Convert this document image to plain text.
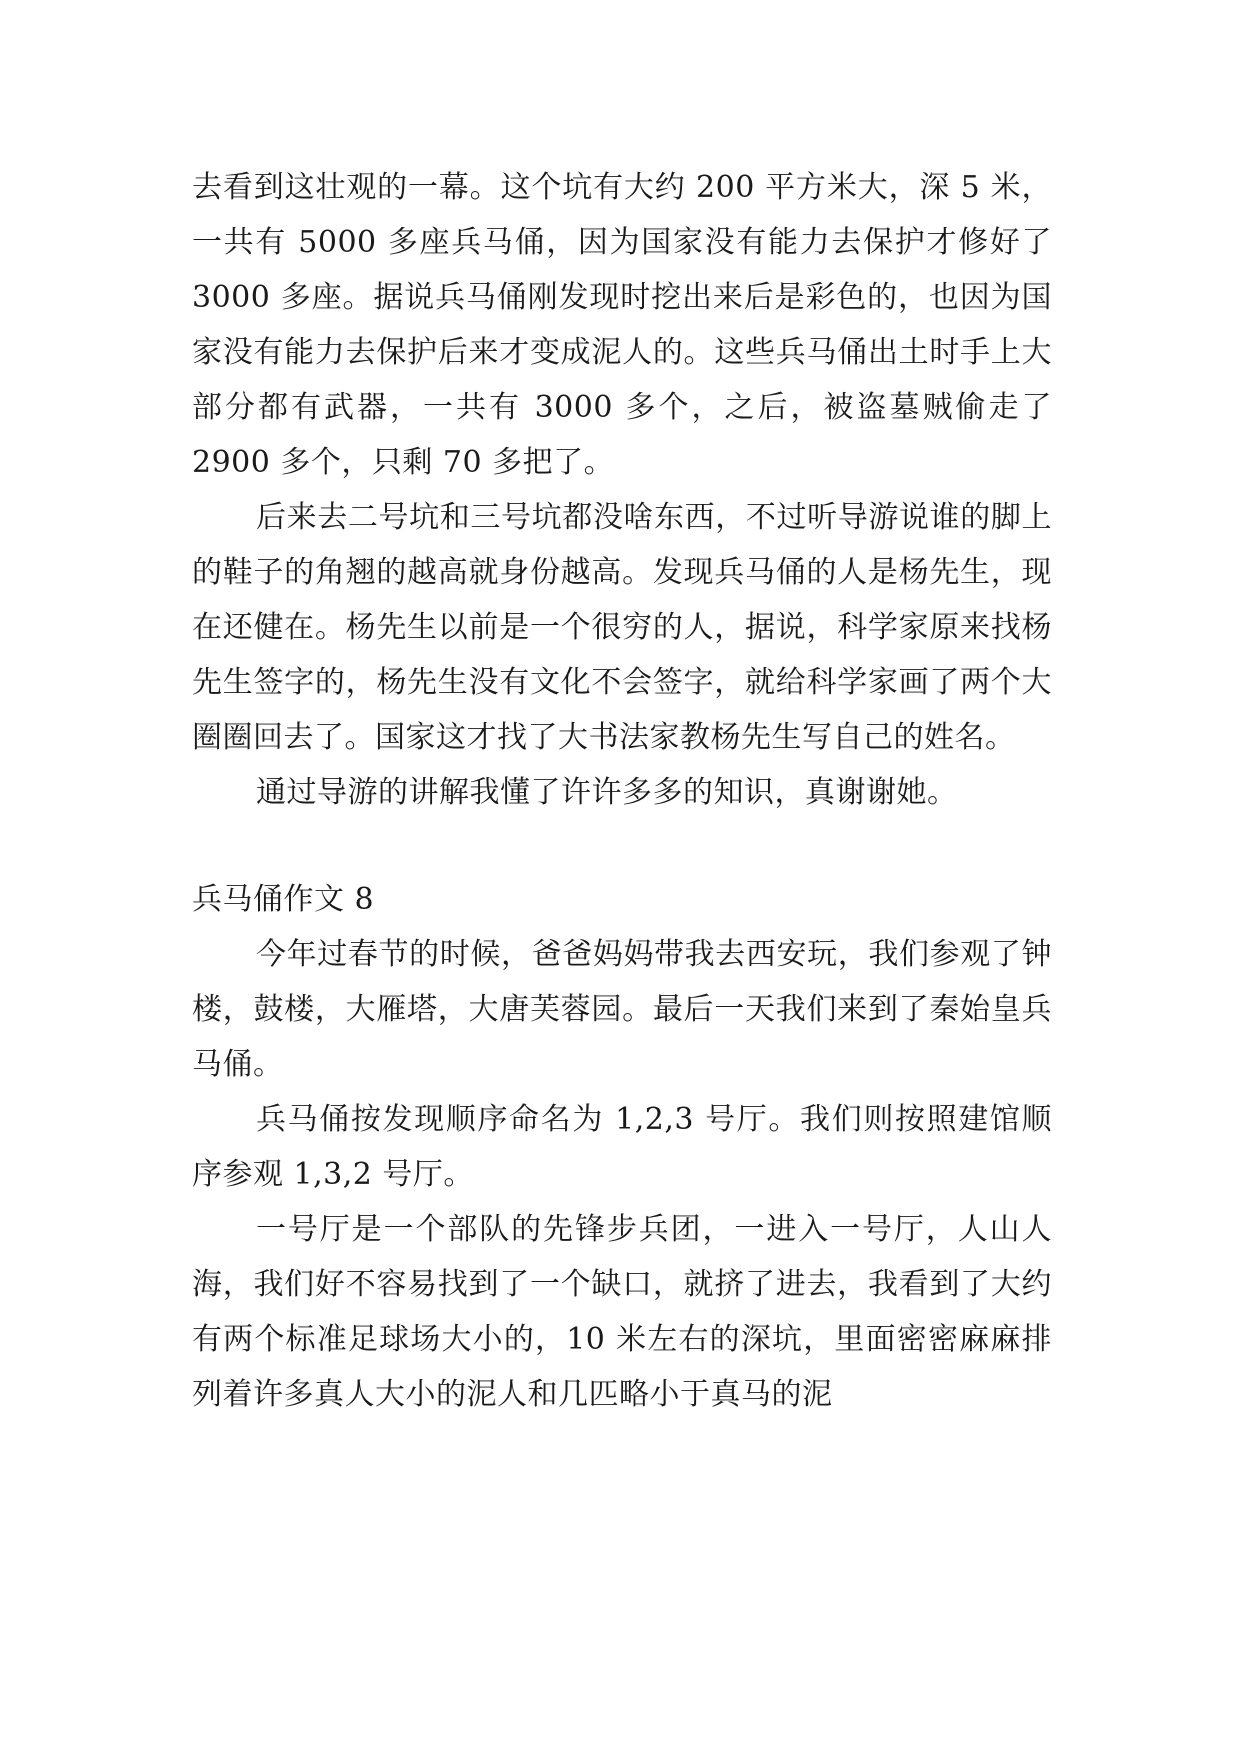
去看到这壮观的一幕。这个坑有大约 200 平方米大，深 5 米，一共有 5000 多座兵马俑，因为国家没有能力去保护才修好了 3000 多座。据说兵马俑刚发现时挖出来后是彩色的，也因为国家没有能力去保护后来才变成泥人的。这些兵马俑出土时手上大部分都有武器，一共有 3000 多个，之后，被盗墓贼偷走了 2900 多个，只剩 70 多把了。

后来去二号坑和三号坑都没啥东西，不过听导游说谁的脚上的鞋子的角翘的越高就身份越高。发现兵马俑的人是杨先生，现在还健在。杨先生以前是一个很穷的人，据说，科学家原来找杨先生签字的，杨先生没有文化不会签字，就给科学家画了两个大圈圈回去了。国家这才找了大书法家教杨先生写自己的姓名。

通过导游的讲解我懂了许许多多的知识，真谢谢她。

兵马俑作文 8

今年过春节的时候，爸爸妈妈带我去西安玩，我们参观了钟楼，鼓楼，大雁塔，大唐芙蓉园。最后一天我们来到了秦始皇兵马俑。

兵马俑按发现顺序命名为 1,2,3 号厅。我们则按照建馆顺序参观 1,3,2 号厅。

一号厅是一个部队的先锋步兵团，一进入一号厅，人山人海，我们好不容易找到了一个缺口，就挤了进去，我看到了大约有两个标准足球场大小的，10 米左右的深坑，里面密密麻麻排列着许多真人大小的泥人和几匹略小于真马的泥
